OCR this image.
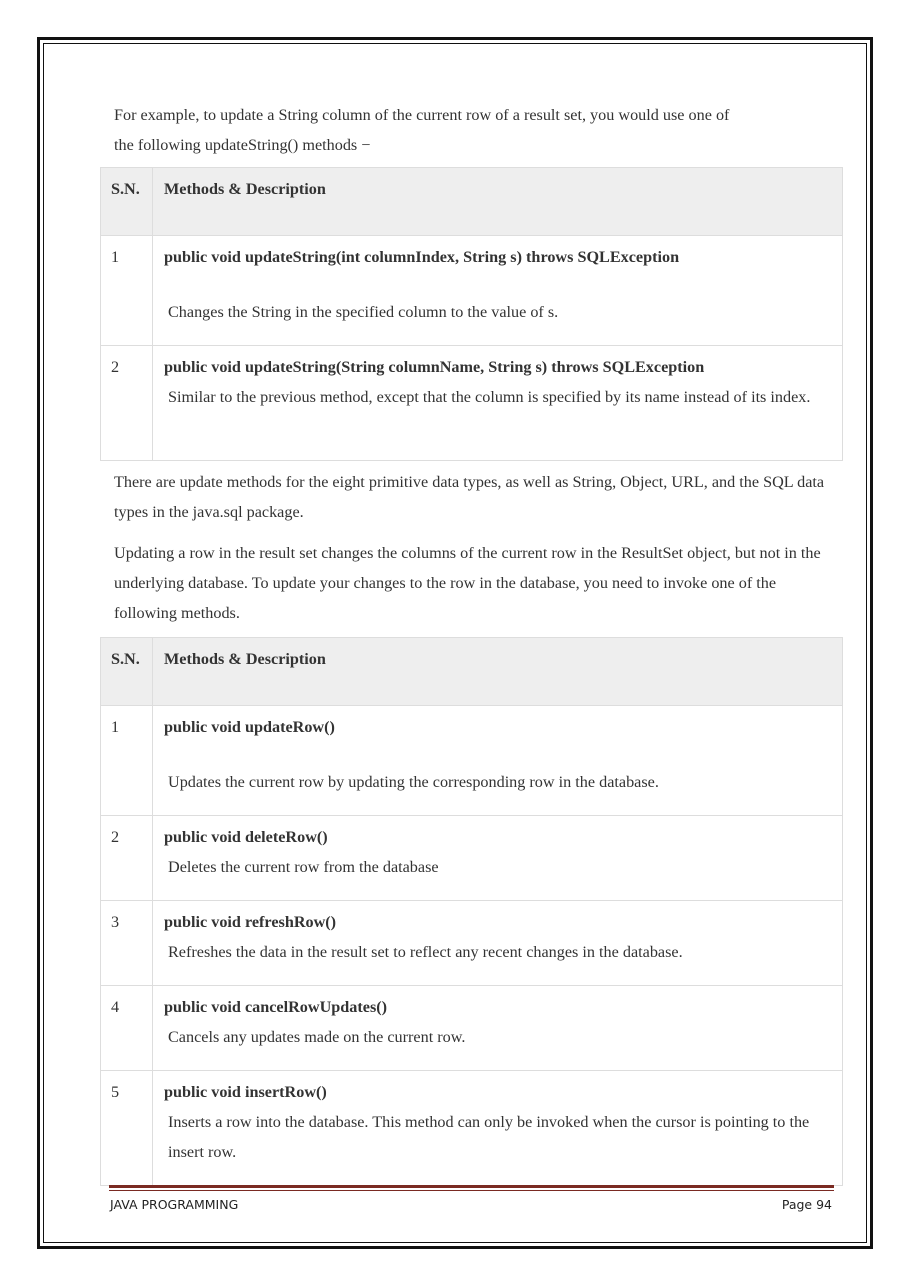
For example, to update a String column of the current row of a result set, you would use one of
the following updateString() methods −

S.N.	Methods & Description

1	public void updateString(int columnIndex, String s) throws SQLException
Changes the String in the specified column to the value of s.

2	public void updateString(String columnName, String s) throws SQLException
Similar to the previous method, except that the column is specified by its name instead of its index.

There are update methods for the eight primitive data types, as well as String, Object, URL, and the SQL data types in the java.sql package.

Updating a row in the result set changes the columns of the current row in the ResultSet object, but not in the underlying database. To update your changes to the row in the database, you need to invoke one of the following methods.

S.N.	Methods & Description

1	public void updateRow()
Updates the current row by updating the corresponding row in the database.

2	public void deleteRow()
Deletes the current row from the database

3	public void refreshRow()
Refreshes the data in the result set to reflect any recent changes in the database.

4	public void cancelRowUpdates()
Cancels any updates made on the current row.

5	public void insertRow()
Inserts a row into the database. This method can only be invoked when the cursor is pointing to the insert row.
JAVA PROGRAMMING	Page 94
